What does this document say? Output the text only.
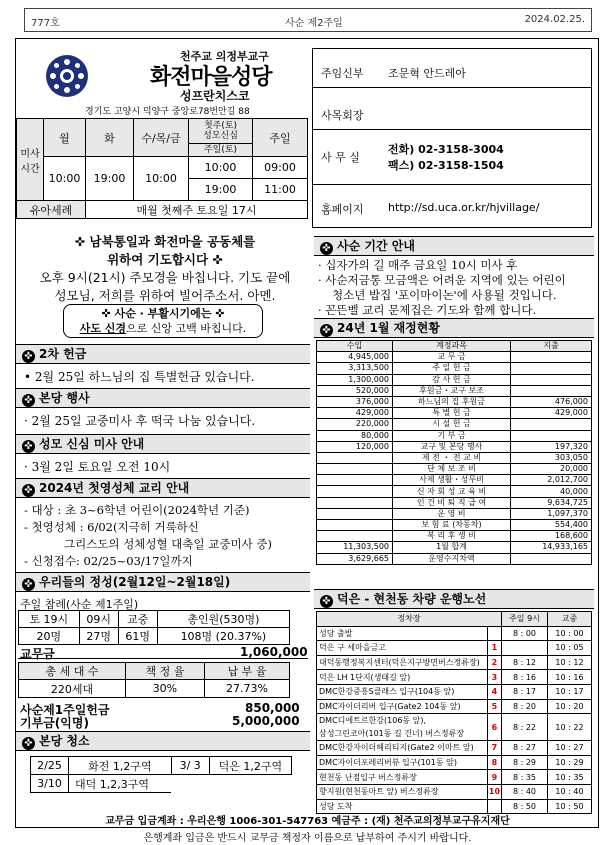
777호	사순 제2주일	2024.02.25.
천주교 의정부교구
화전마을성당
성프란치스코
경기도 고양시 덕양구 중앙로78번안길 88
미사
시간	월	화	수/목/금	첫주(토)
성모신심
주일(토)	주일
	10:00	19:00	10:00	10:00	09:00
				19:00	11:00
유아세례		매월 첫째주 토요일 17시			
주임신부 조문혁 안드레아
사목회장
사 무 실
전화) 02-3158-3004
팩스) 02-3158-1504
홈페이지 http://sd.uca.or.kr/hjvillage/
✜ 남북통일과 화전마을 공동체를
위하여 기도합시다 ✜
오후 9시(21시) 주모경을 바칩니다. 기도 끝에
성모님, 저희를 위하여 빌어주소서. 아멘.
✜ 사순 · 부활시기에는 ✜
사도 신경으로 신앙 고백 바칩니다.
✜ 2차 헌금
• 2월 25일 하느님의 집 특별헌금 있습니다.
✜ 본당 행사
· 2월 25일 교중미사 후 떡국 나눔 있습니다.
✜ 성모 신심 미사 안내
· 3월 2일 토요일 오전 10시
✜ 2024년 첫영성체 교리 안내
- 대상 : 초 3~6학년 어린이(2024학년 기준)
- 첫영성체 : 6/02(지극히 거룩하신
그리스도의 성체성혈 대축일 교중미사 중)
- 신청접수: 02/25~03/17일까지
✜ 우리들의 정성(2월12일~2월18일)
주일 참례(사순 제1주일)
토 19시	09시	교중	총인원(530명)
20명	27명	61명	108명 (20.37%)
교무금	1,060,000
총 세 대 수	책 정 율	납 부 율
220세대	30%	27.73%
사순제1주일헌금	850,000
기부금(익명)	5,000,000
✜ 본당 청소
2/25	화전 1,2구역	3/ 3	덕은 1,2구역
3/10	대덕 1,2,3구역		
✜ 사순 기간 안내
· 십자가의 길 매주 금요일 10시 미사 후
· 사순저금통 모금액은 어려운 지역에 있는 어린이
청소년 밥집 '포이마이논'에 사용될 것입니다.
· 꼰뜬벨 교리 문제집은 기도와 함께 합니다.
✜ 24년 1월 재정현황
수입	계정과목	지출
4,945,000	교 무 금	
3,313,500	주 일 헌 금	
1,300,000	감 사 헌 금	
520,000	후원금・교구 보조	
376,000	하느님의 집 후원금	476,000
429,000	특 별 헌 금	429,000
220,000	시 설 헌 금	
80,000	기 부 금	
120,000	교구 및 본당 행사	197,320
	제 전 ・ 전 교 비	303,050
	단 체 보 조 비	20,000
	사제 생활・성무비	2,012,700
	신 자 회 성 교 육 비	40,000
	인 건 비 퇴 직 급 여	9,634,725
	운 영 비	1,097,370
	보 험 료 (차동차)	554,400
	복 리 후 생 비	168,600
11,303,500	1월 합계	14,933,165
3,629,665	운영수지차액	
✜ 덕은 - 현천동 차량 운행노선
정차장		주일 9시	교중
성당 출발		8 : 00	10 : 00
덕은 구 세마을금고	1		10 : 05
대덕동행정복지센터(덕은지구방면버스정류장)	2	8 : 12	10 : 12
덕은 LH 1단지(생태길 앞)	3	8 : 16	10 : 16
DMC한강중흥S클래스 입구(104동 앞)	4	8 : 17	10 : 17
DMC자이더리버 입구(Gate2 104동 앞)	5	8 : 20	10 : 20
DMC디에트르한강(106동 앞),
삼성그린코아(101동 길 건너) 버스정류장	6	8 : 22	10 : 22
DMC한강자이더헤리티지(Gate2 이마트 앞)	7	8 : 27	10 : 27
DMC자이더포레리버뷰 입구(101동 앞)	8	8 : 29	10 : 29
현천동 난점입구 버스정류장	9	8 : 35	10 : 35
향지원(현천동마트 앞) 버스정류장	10	8 : 40	10 : 40
성당 도착		8 : 50	10 : 50
교무금 입금계좌 : 우리은행 1006-301-547763 예금주 : (재) 천주교의정부교구유지재단
은행계좌 입금은 반드시 교무금 책정자 이름으로 납부하여 주시기 바랍니다.
